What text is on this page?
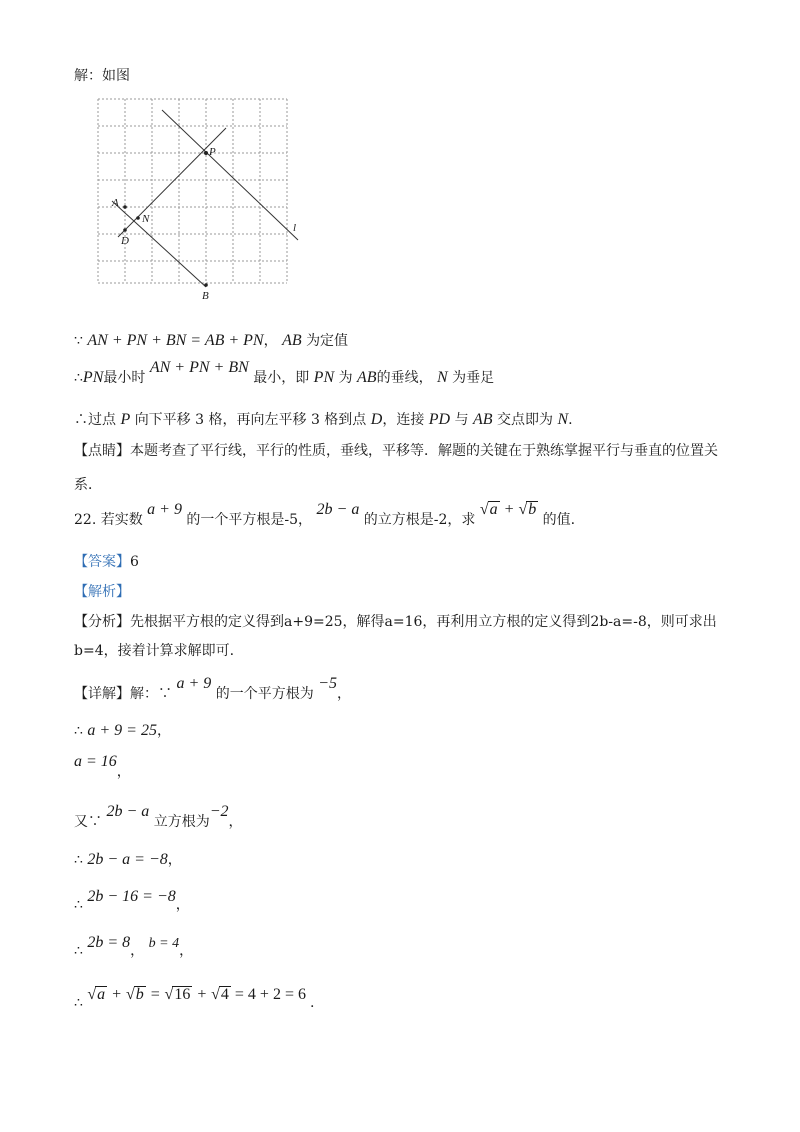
解：如图
P
A
N
D
B
l
∵ AN + PN + BN = AB + PN， AB 为定值
∴PN最小时 AN + PN + BN 最小，即 PN 为 AB的垂线， N 为垂足
∴过点 P 向下平移 3 格，再向左平移 3 格到点 D，连接 PD 与 AB 交点即为 N.
【点睛】本题考查了平行线，平行的性质，垂线，平移等．解题的关键在于熟练掌握平行与垂直的位置关
系．
22. 若实数 a + 9 的一个平方根是-5， 2b − a 的立方根是-2，求 √a + √b 的值.
【答案】6
【解析】
【分析】先根据平方根的定义得到a+9=25，解得a=16，再利用立方根的定义得到2b-a=-8，则可求出
b=4，接着计算求解即可.
【详解】解：∵ a + 9 的一个平方根为 −5，
∴ a + 9 = 25，
a = 16，
又∵ 2b − a 立方根为−2，
∴ 2b − a = −8，
∴ 2b − 16 = −8，
∴ 2b = 8， b = 4，
∴ √a + √b = √16 + √4 = 4 + 2 = 6 .
